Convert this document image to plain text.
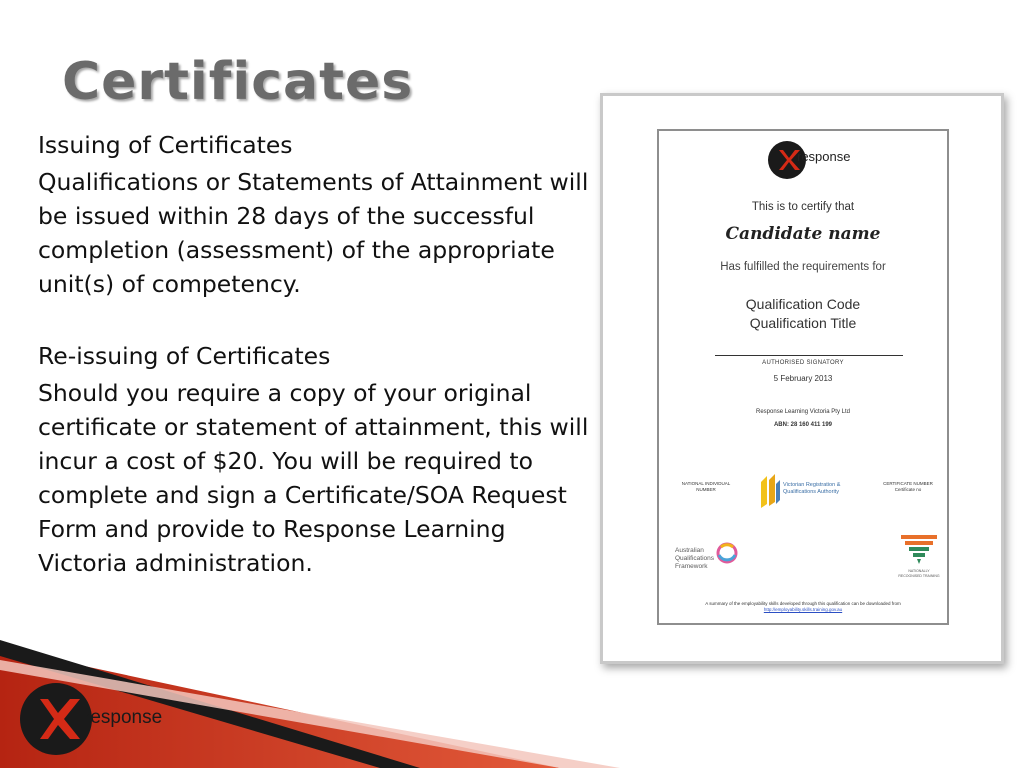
Certificates

Issuing of Certificates

Qualifications or Statements of Attainment will be issued within 28 days of the successful completion (assessment) of the appropriate unit(s) of competency.

Re-issuing of Certificates

Should you require a copy of your original certificate or statement of attainment, this will incur a cost of $20. You will be required to complete and sign a Certificate/SOA Request Form and provide to Response Learning Victoria administration.

response
This is to certify that
Candidate name
Has fulfilled the requirements for
Qualification Code
Qualification Title
AUTHORISED SIGNATORY
5 February 2013
Response Learning Victoria Pty Ltd
ABN: 28 160 411 199
NATIONAL INDIVIDUAL NUMBER
Victorian Registration &
Qualifications Authority
CERTIFICATE NUMBER Certificate no
Australian
Qualifications
Framework
NATIONALLY RECOGNISED TRAINING
A summary of the employability skills developed through this qualification can be downloaded from
http://employability.skills.training.gov.au
response
